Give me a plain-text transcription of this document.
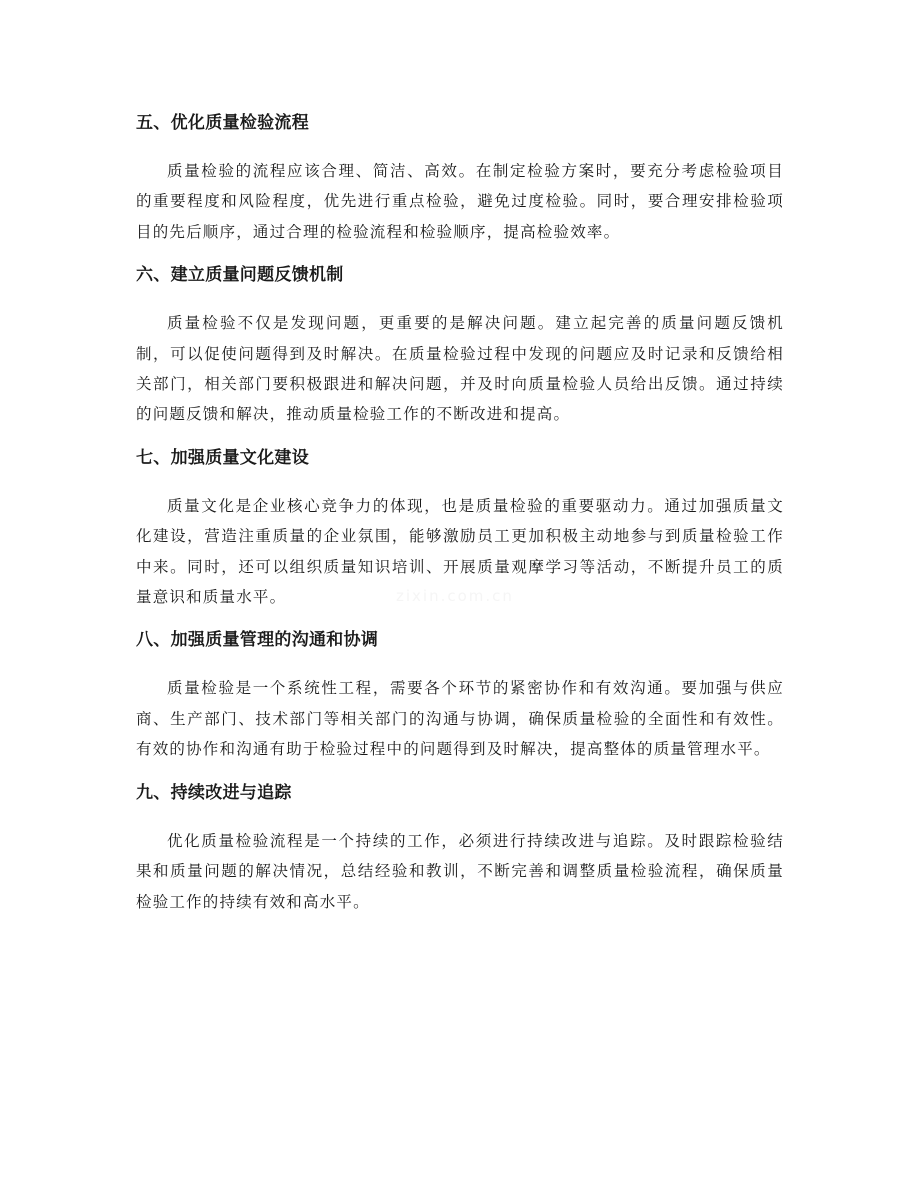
五、优化质量检验流程
质量检验的流程应该合理、简洁、高效。在制定检验方案时，要充分考虑检验项目的重要程度和风险程度，优先进行重点检验，避免过度检验。同时，要合理安排检验项目的先后顺序，通过合理的检验流程和检验顺序，提高检验效率。
六、建立质量问题反馈机制
质量检验不仅是发现问题，更重要的是解决问题。建立起完善的质量问题反馈机制，可以促使问题得到及时解决。在质量检验过程中发现的问题应及时记录和反馈给相关部门，相关部门要积极跟进和解决问题，并及时向质量检验人员给出反馈。通过持续的问题反馈和解决，推动质量检验工作的不断改进和提高。
七、加强质量文化建设
质量文化是企业核心竞争力的体现，也是质量检验的重要驱动力。通过加强质量文化建设，营造注重质量的企业氛围，能够激励员工更加积极主动地参与到质量检验工作中来。同时，还可以组织质量知识培训、开展质量观摩学习等活动，不断提升员工的质量意识和质量水平。
八、加强质量管理的沟通和协调
质量检验是一个系统性工程，需要各个环节的紧密协作和有效沟通。要加强与供应商、生产部门、技术部门等相关部门的沟通与协调，确保质量检验的全面性和有效性。有效的协作和沟通有助于检验过程中的问题得到及时解决，提高整体的质量管理水平。
九、持续改进与追踪
优化质量检验流程是一个持续的工作，必须进行持续改进与追踪。及时跟踪检验结果和质量问题的解决情况，总结经验和教训，不断完善和调整质量检验流程，确保质量检验工作的持续有效和高水平。
zixin.com.cn
